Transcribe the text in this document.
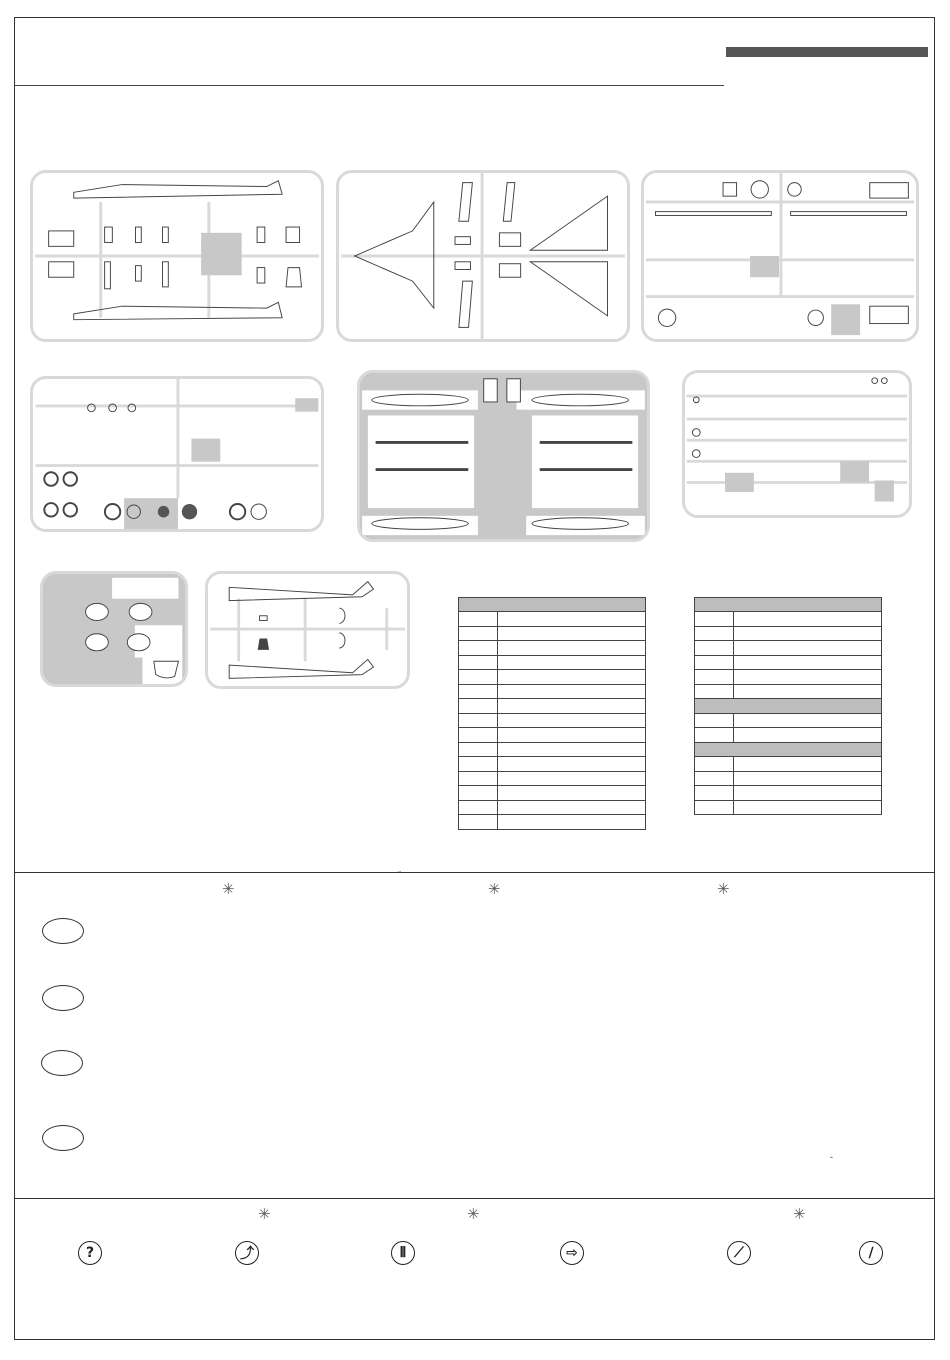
ˇ
✳	✳	✳
-
✳	✳	✳
?	⤴	⦀	⇨	⟋	∕
